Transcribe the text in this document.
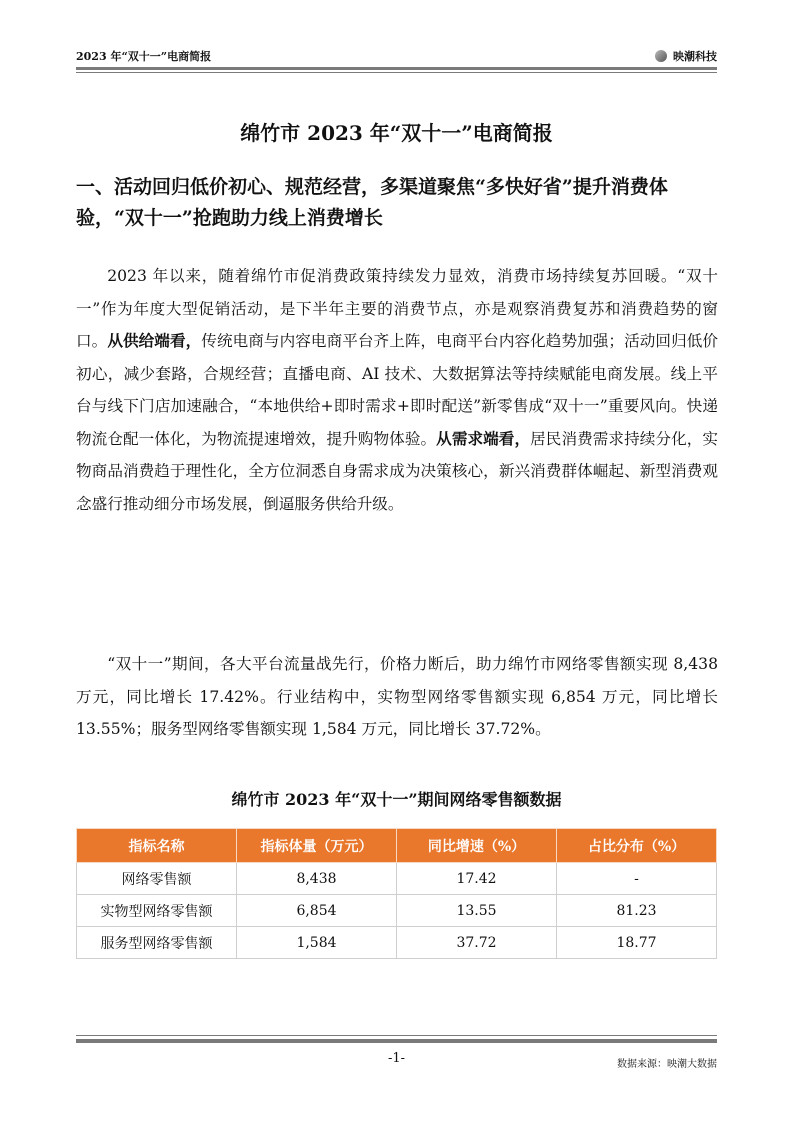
2023 年“双十一”电商简报	映潮科技
绵竹市 2023 年“双十一”电商简报
一、活动回归低价初心、规范经营，多渠道聚焦“多快好省”提升消费体验，“双十一”抢跑助力线上消费增长
2023 年以来，随着绵竹市促消费政策持续发力显效，消费市场持续复苏回暖。“双十一”作为年度大型促销活动，是下半年主要的消费节点，亦是观察消费复苏和消费趋势的窗口。从供给端看，传统电商与内容电商平台齐上阵，电商平台内容化趋势加强；活动回归低价初心，减少套路，合规经营；直播电商、AI 技术、大数据算法等持续赋能电商发展。线上平台与线下门店加速融合，“本地供给+即时需求+即时配送”新零售成“双十一”重要风向。快递物流仓配一体化，为物流提速增效，提升购物体验。从需求端看，居民消费需求持续分化，实物商品消费趋于理性化，全方位洞悉自身需求成为决策核心，新兴消费群体崛起、新型消费观念盛行推动细分市场发展，倒逼服务供给升级。
“双十一”期间，各大平台流量战先行，价格力断后，助力绵竹市网络零售额实现 8,438 万元，同比增长 17.42%。行业结构中，实物型网络零售额实现 6,854 万元，同比增长 13.55%；服务型网络零售额实现 1,584 万元，同比增长 37.72%。
绵竹市 2023 年“双十一”期间网络零售额数据
指标名称	指标体量（万元）	同比增速（%）	占比分布（%）
网络零售额	8,438	17.42	-
实物型网络零售额	6,854	13.55	81.23
服务型网络零售额	1,584	37.72	18.77
-1-	数据来源：映潮大数据
